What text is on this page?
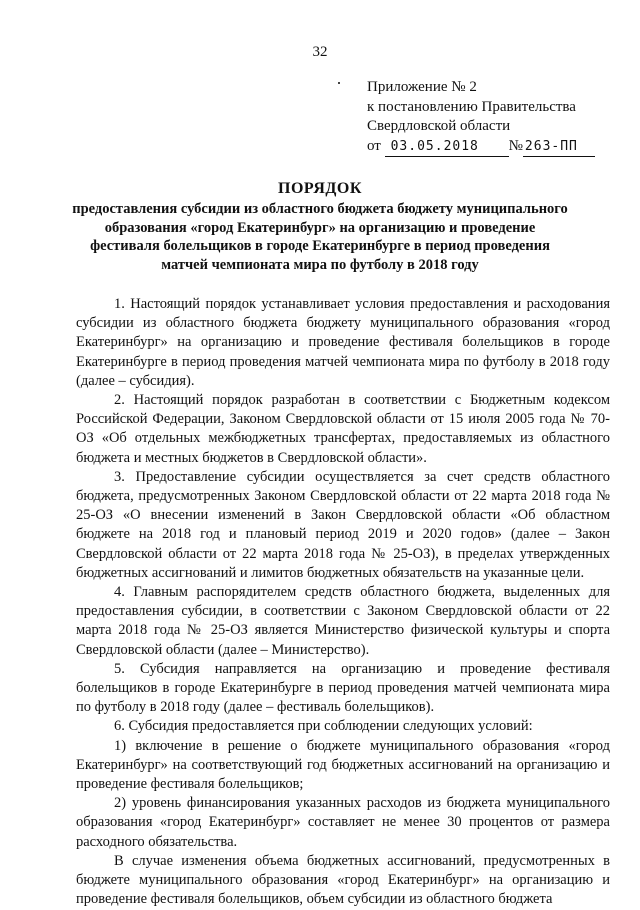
32
Приложение № 2
к постановлению Правительства
Свердловской области
от 03.05.2018 № 263-ПП
ПОРЯДОК
предоставления субсидии из областного бюджета бюджету муниципального образования «город Екатеринбург» на организацию и проведение фестиваля болельщиков в городе Екатеринбурге в период проведения матчей чемпионата мира по футболу в 2018 году

1. Настоящий порядок устанавливает условия предоставления и расходования субсидии из областного бюджета бюджету муниципального образования «город Екатеринбург» на организацию и проведение фестиваля болельщиков в городе Екатеринбурге в период проведения матчей чемпионата мира по футболу в 2018 году (далее – субсидия).

2. Настоящий порядок разработан в соответствии с Бюджетным кодексом Российской Федерации, Законом Свердловской области от 15 июля 2005 года № 70-ОЗ «Об отдельных межбюджетных трансфертах, предоставляемых из областного бюджета и местных бюджетов в Свердловской области».

3. Предоставление субсидии осуществляется за счет средств областного бюджета, предусмотренных Законом Свердловской области от 22 марта 2018 года № 25-ОЗ «О внесении изменений в Закон Свердловской области «Об областном бюджете на 2018 год и плановый период 2019 и 2020 годов» (далее – Закон Свердловской области от 22 марта 2018 года № 25-ОЗ), в пределах утвержденных бюджетных ассигнований и лимитов бюджетных обязательств на указанные цели.

4. Главным распорядителем средств областного бюджета, выделенных для предоставления субсидии, в соответствии с Законом Свердловской области от 22 марта 2018 года № 25-ОЗ является Министерство физической культуры и спорта Свердловской области (далее – Министерство).

5. Субсидия направляется на организацию и проведение фестиваля болельщиков в городе Екатеринбурге в период проведения матчей чемпионата мира по футболу в 2018 году (далее – фестиваль болельщиков).

6. Субсидия предоставляется при соблюдении следующих условий:

1) включение в решение о бюджете муниципального образования «город Екатеринбург» на соответствующий год бюджетных ассигнований на организацию и проведение фестиваля болельщиков;

2) уровень финансирования указанных расходов из бюджета муниципального образования «город Екатеринбург» составляет не менее 30 процентов от размера расходного обязательства.

В случае изменения объема бюджетных ассигнований, предусмотренных в бюджете муниципального образования «город Екатеринбург» на организацию и проведение фестиваля болельщиков, объем субсидии из областного бюджета
